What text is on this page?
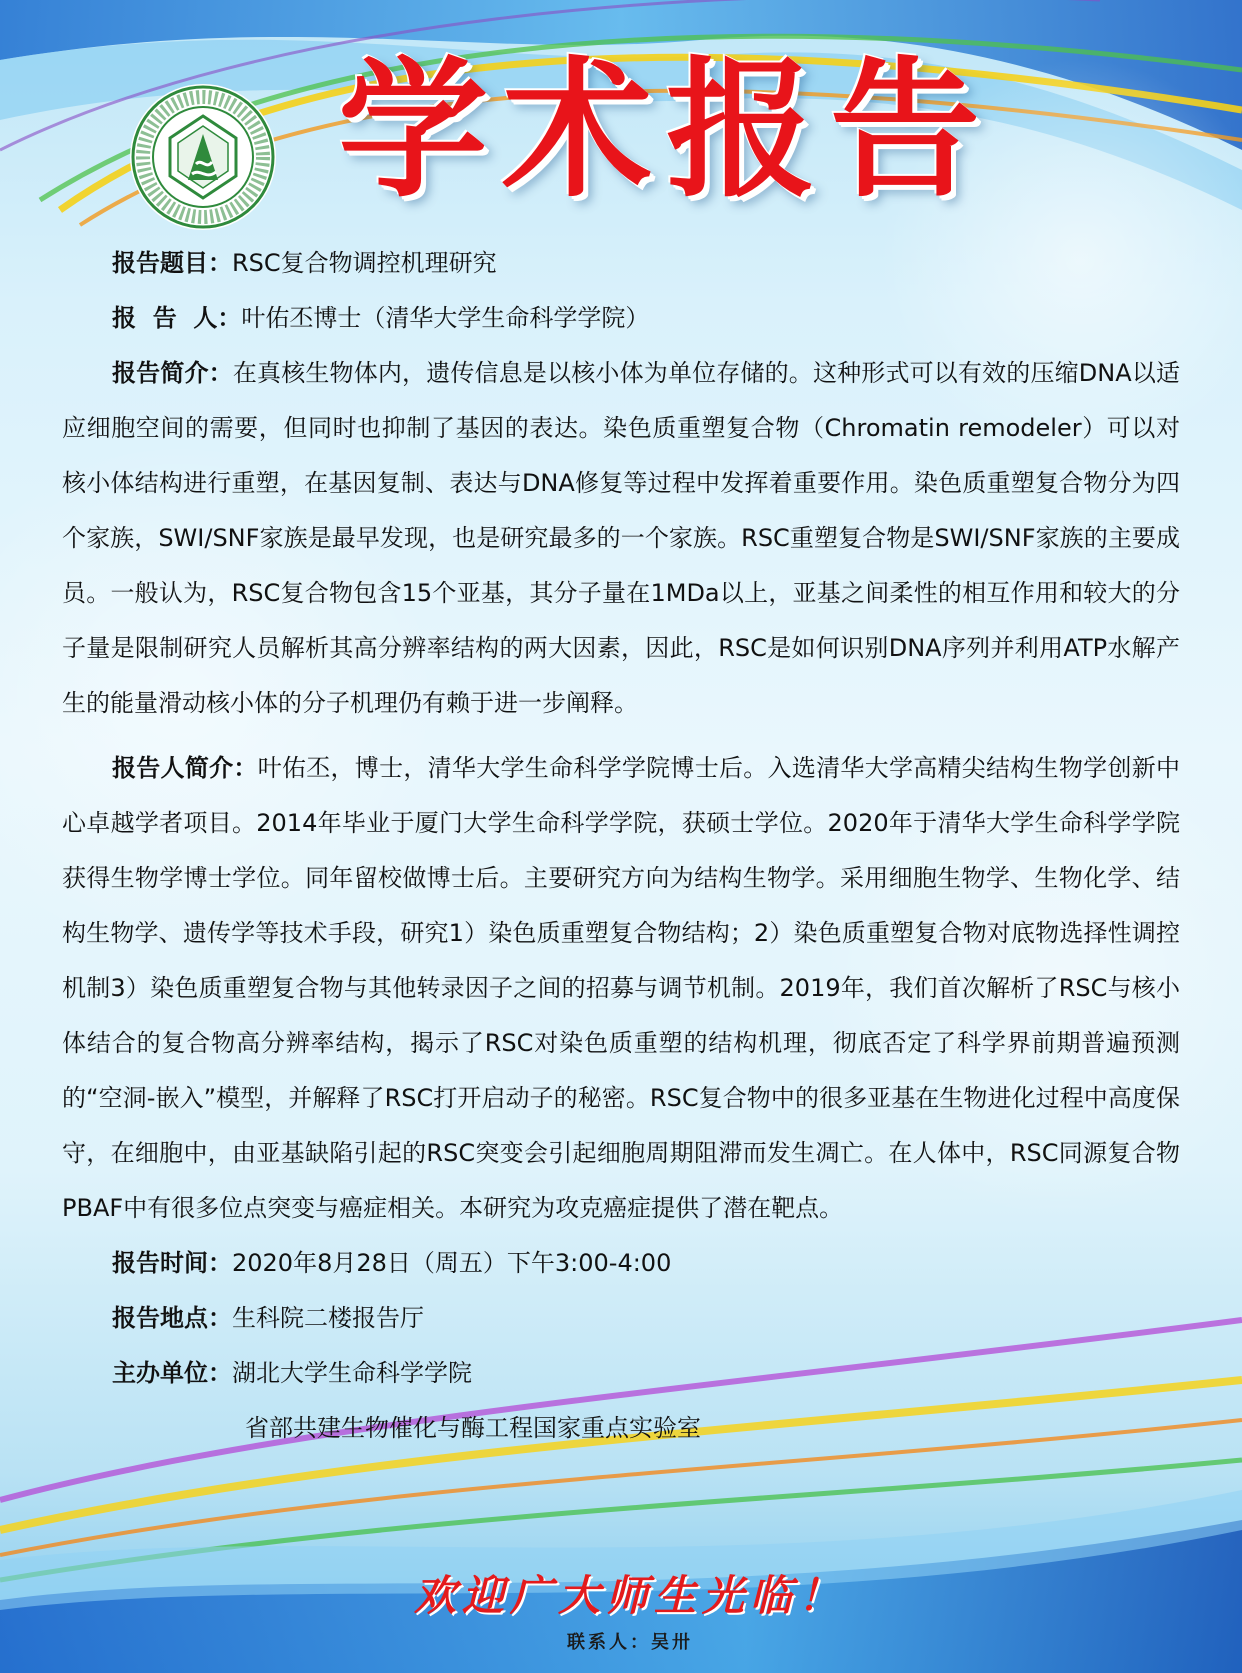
学术报告

报告题目：RSC复合物调控机理研究

报  告  人：叶佑丕博士（清华大学生命科学学院）

报告简介：在真核生物体内，遗传信息是以核小体为单位存储的。这种形式可以有效的压缩DNA以适应细胞空间的需要，但同时也抑制了基因的表达。染色质重塑复合物（Chromatin remodeler）可以对核小体结构进行重塑，在基因复制、表达与DNA修复等过程中发挥着重要作用。染色质重塑复合物分为四个家族，SWI/SNF家族是最早发现，也是研究最多的一个家族。RSC重塑复合物是SWI/SNF家族的主要成员。一般认为，RSC复合物包含15个亚基，其分子量在1MDa以上，亚基之间柔性的相互作用和较大的分子量是限制研究人员解析其高分辨率结构的两大因素，因此，RSC是如何识别DNA序列并利用ATP水解产生的能量滑动核小体的分子机理仍有赖于进一步阐释。

报告人简介：叶佑丕，博士，清华大学生命科学学院博士后。入选清华大学高精尖结构生物学创新中心卓越学者项目。2014年毕业于厦门大学生命科学学院，获硕士学位。2020年于清华大学生命科学学院获得生物学博士学位。同年留校做博士后。主要研究方向为结构生物学。采用细胞生物学、生物化学、结构生物学、遗传学等技术手段，研究1）染色质重塑复合物结构；2）染色质重塑复合物对底物选择性调控机制3）染色质重塑复合物与其他转录因子之间的招募与调节机制。2019年，我们首次解析了RSC与核小体结合的复合物高分辨率结构，揭示了RSC对染色质重塑的结构机理，彻底否定了科学界前期普遍预测的“空洞-嵌入”模型，并解释了RSC打开启动子的秘密。RSC复合物中的很多亚基在生物进化过程中高度保守，在细胞中，由亚基缺陷引起的RSC突变会引起细胞周期阻滞而发生凋亡。在人体中，RSC同源复合物PBAF中有很多位点突变与癌症相关。本研究为攻克癌症提供了潜在靶点。

报告时间：2020年8月28日（周五）下午3:00-4:00

报告地点：生科院二楼报告厅

主办单位：湖北大学生命科学学院

省部共建生物催化与酶工程国家重点实验室

欢迎广大师生光临！
联系人：吴卅
